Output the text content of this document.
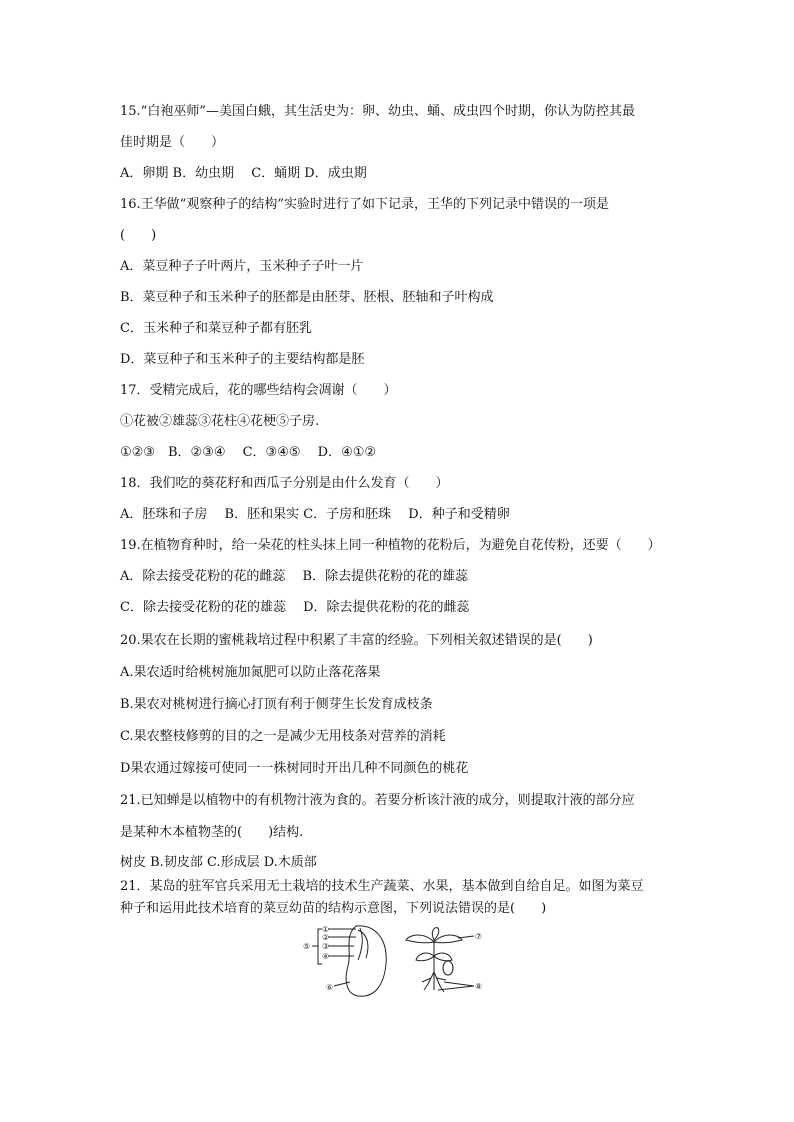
15.“白袍巫师”—美国白蛾，其生活史为：卵、幼虫、蛹、成虫四个时期，你认为防控其最
佳时期是（　　）
A．卵期 B．幼虫期　 C．蛹期 D．成虫期
16.王华做“观察种子的结构”实验时进行了如下记录，王华的下列记录中错误的一项是
(　　)
A．菜豆种子子叶两片，玉米种子子叶一片
B．菜豆种子和玉米种子的胚都是由胚芽、胚根、胚轴和子叶构成
C．玉米种子和菜豆种子都有胚乳
D．菜豆种子和玉米种子的主要结构都是胚
17．受精完成后，花的哪些结构会凋谢（　　）
①花被②雄蕊③花柱④花梗⑤子房.
①②③　B．②③④　 C．③④⑤　 D．④①②
18．我们吃的葵花籽和西瓜子分别是由什么发育（　　）
A．胚珠和子房　 B．胚和果实 C．子房和胚珠　 D．种子和受精卵
19.在植物育种时，给一朵花的柱头抹上同一种植物的花粉后，为避免自花传粉，还要（　　）
A．除去接受花粉的花的雌蕊　 B．除去提供花粉的花的雄蕊
C．除去接受花粉的花的雄蕊　 D．除去提供花粉的花的雌蕊
20.果农在长期的蜜桃栽培过程中积累了丰富的经验。下列相关叙述错误的是(　　)
A.果农适时给桃树施加氮肥可以防止落花落果
B.果农对桃树进行摘心打顶有利于侧芽生长发育成枝条
C.果农整枝修剪的目的之一是减少无用枝条对营养的消耗
D果农通过嫁接可使同一一株树同时开出几种不同颜色的桃花
21.已知蝉是以植物中的有机物汁液为食的。若要分析该汁液的成分，则提取汁液的部分应
是某种木本植物茎的(　　)结构.
树皮 B.韧皮部 C.形成层 D.木质部
21．某岛的驻军官兵采用无土栽培的技术生产蔬菜、水果，基本做到自给自足。如图为菜豆
种子和运用此技术培育的菜豆幼苗的结构示意图，下列说法错误的是(　　)
①
②
③
④
⑤
⑥
⑦
⑧
